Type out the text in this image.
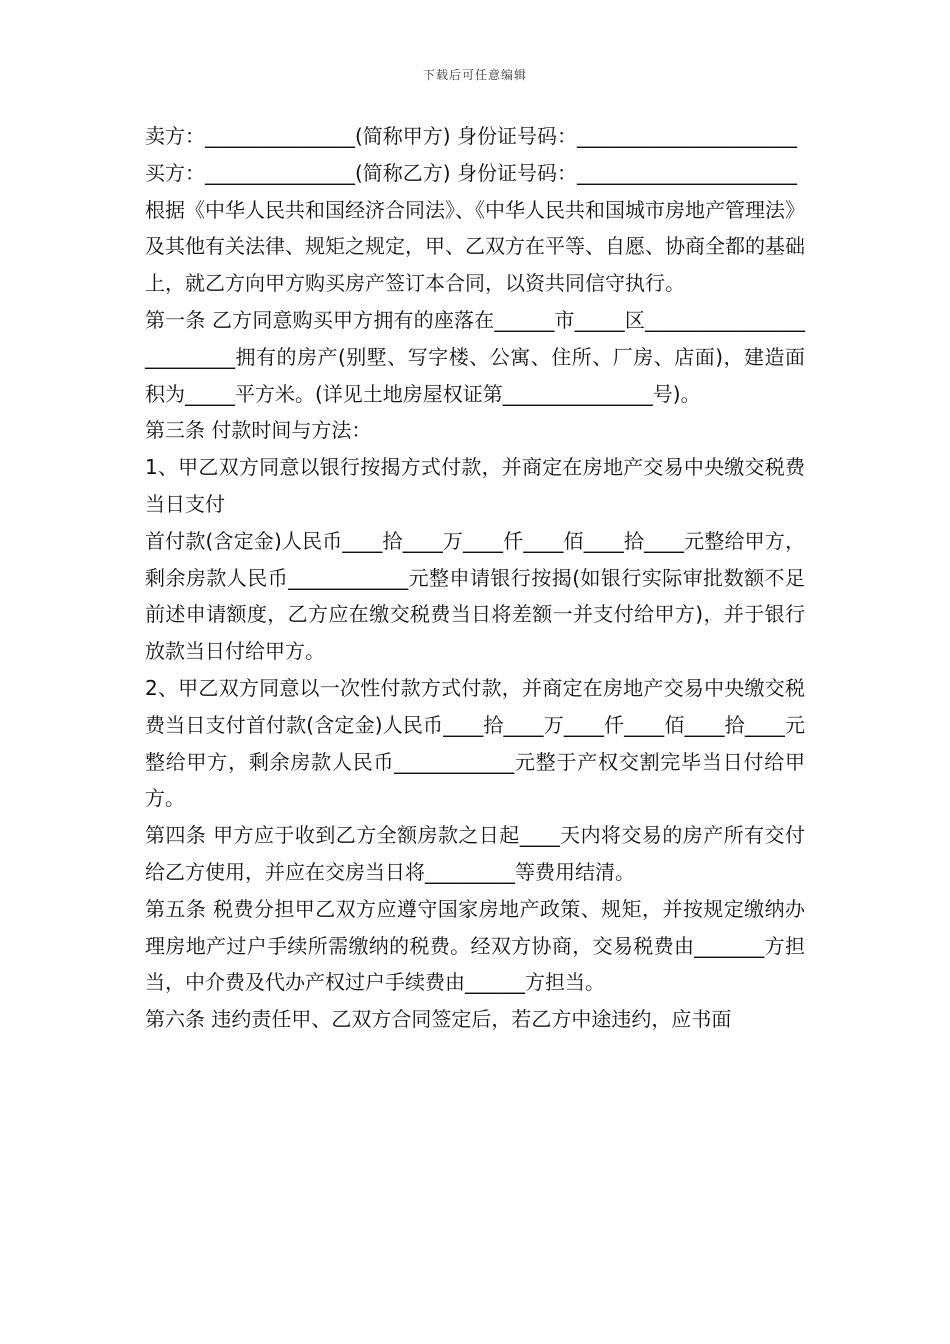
下载后可任意编辑

卖方：_______________(简称甲方) 身份证号码：______________________

买方：_______________(简称乙方) 身份证号码：______________________

根据《中华人民共和国经济合同法》、《中华人民共和国城市房地产管理法》及其他有关法律、规矩之规定，甲、乙双方在平等、自愿、协商全都的基础上，就乙方向甲方购买房产签订本合同，以资共同信守执行。

第一条 乙方同意购买甲方拥有的座落在______市_____区_________________________拥有的房产(别墅、写字楼、公寓、住所、厂房、店面)，建造面积为_____平方米。(详见土地房屋权证第_______________号)。

第三条 付款时间与方法：

1、甲乙双方同意以银行按揭方式付款，并商定在房地产交易中央缴交税费当日支付

首付款(含定金)人民币____拾____万____仟____佰____拾____元整给甲方，剩余房款人民币____________元整申请银行按揭(如银行实际审批数额不足前述申请额度，乙方应在缴交税费当日将差额一并支付给甲方)，并于银行放款当日付给甲方。

2、甲乙双方同意以一次性付款方式付款，并商定在房地产交易中央缴交税费当日支付首付款(含定金)人民币____拾____万____仟____佰____拾____元整给甲方，剩余房款人民币____________元整于产权交割完毕当日付给甲方。

第四条 甲方应于收到乙方全额房款之日起____天内将交易的房产所有交付给乙方使用，并应在交房当日将_________等费用结清。

第五条 税费分担甲乙双方应遵守国家房地产政策、规矩，并按规定缴纳办理房地产过户手续所需缴纳的税费。经双方协商，交易税费由_______方担当，中介费及代办产权过户手续费由______方担当。

第六条 违约责任甲、乙双方合同签定后，若乙方中途违约，应书面
